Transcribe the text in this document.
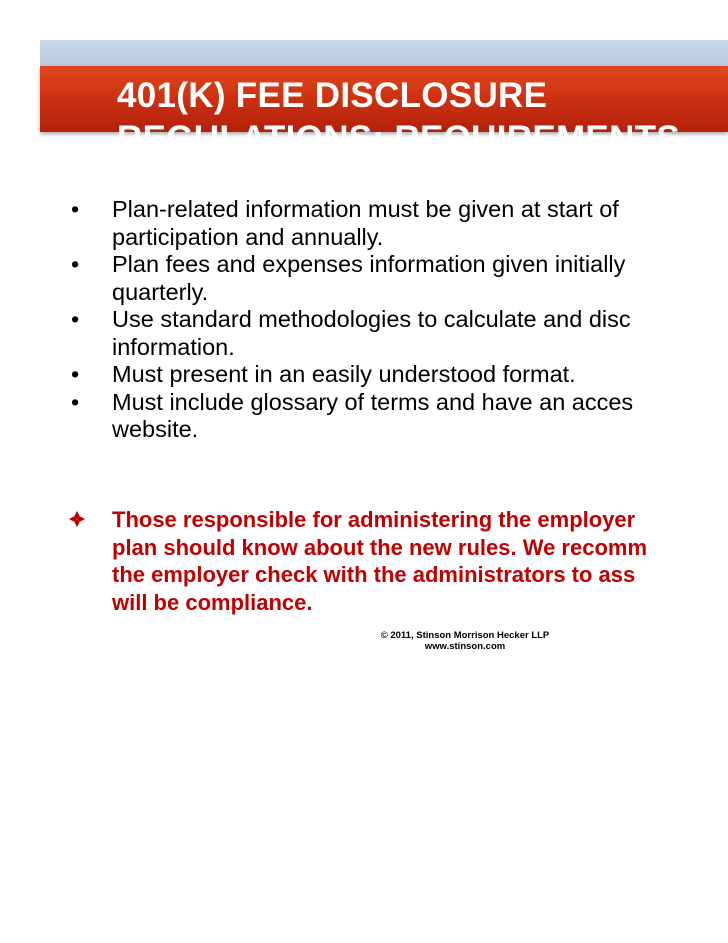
401(K) FEE DISCLOSURE
REGULATIONS: REQUIREMENTS
• Plan-related information must be given at start of
participation and annually.
• Plan fees and expenses information given initially
quarterly.
• Use standard methodologies to calculate and disc
information.
• Must present in an easily understood format.
• Must include glossary of terms and have an acces
website.
Those responsible for administering the employer
plan should know about the new rules. We recomm
the employer check with the administrators to ass
will be compliance.
© 2011, Stinson Morrison Hecker LLP
www.stinson.com
